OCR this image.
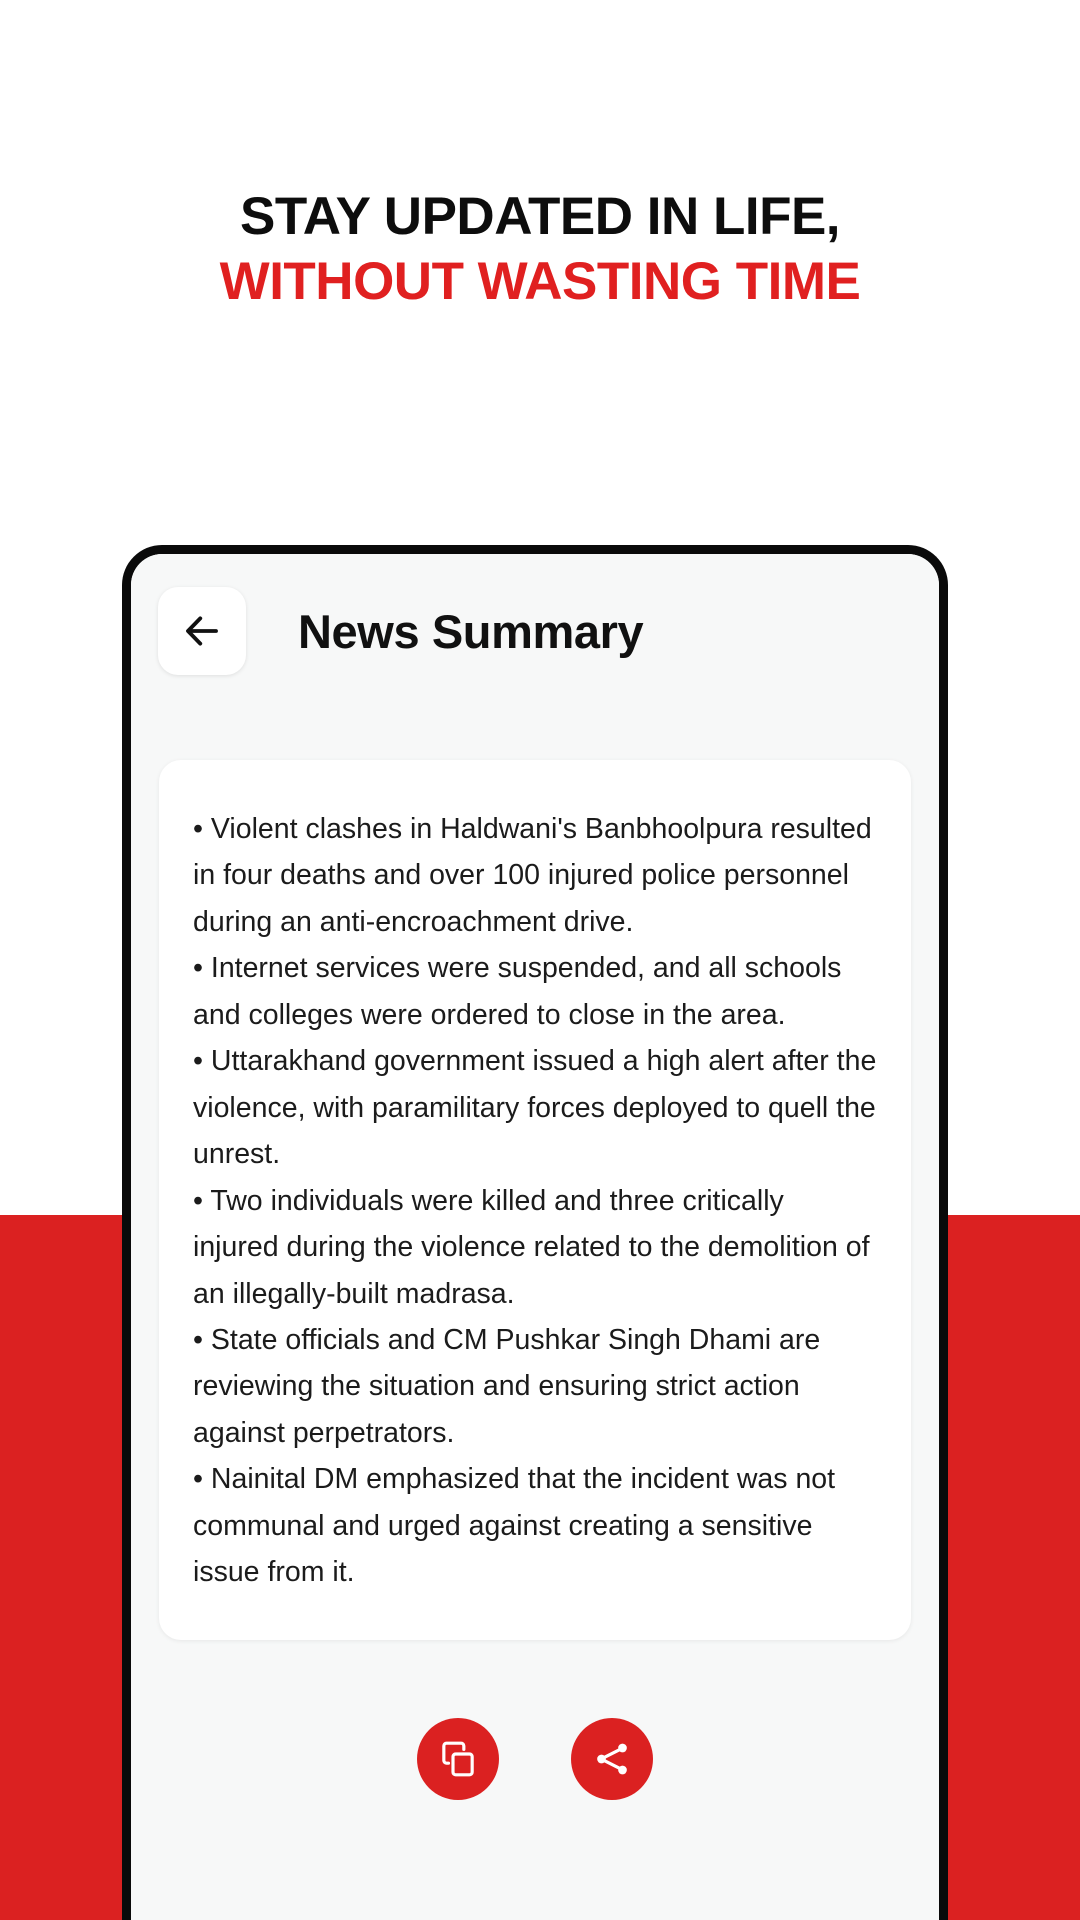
STAY UPDATED IN LIFE,
WITHOUT WASTING TIME
News Summary
• Violent clashes in Haldwani's Banbhoolpura resulted in four deaths and over 100 injured police personnel during an anti-encroachment drive.
• Internet services were suspended, and all schools and colleges were ordered to close in the area.
• Uttarakhand government issued a high alert after the violence, with paramilitary forces deployed to quell the unrest.
• Two individuals were killed and three critically injured during the violence related to the demolition of an illegally-built madrasa.
• State officials and CM Pushkar Singh Dhami are reviewing the situation and ensuring strict action against perpetrators.
• Nainital DM emphasized that the incident was not communal and urged against creating a sensitive issue from it.
